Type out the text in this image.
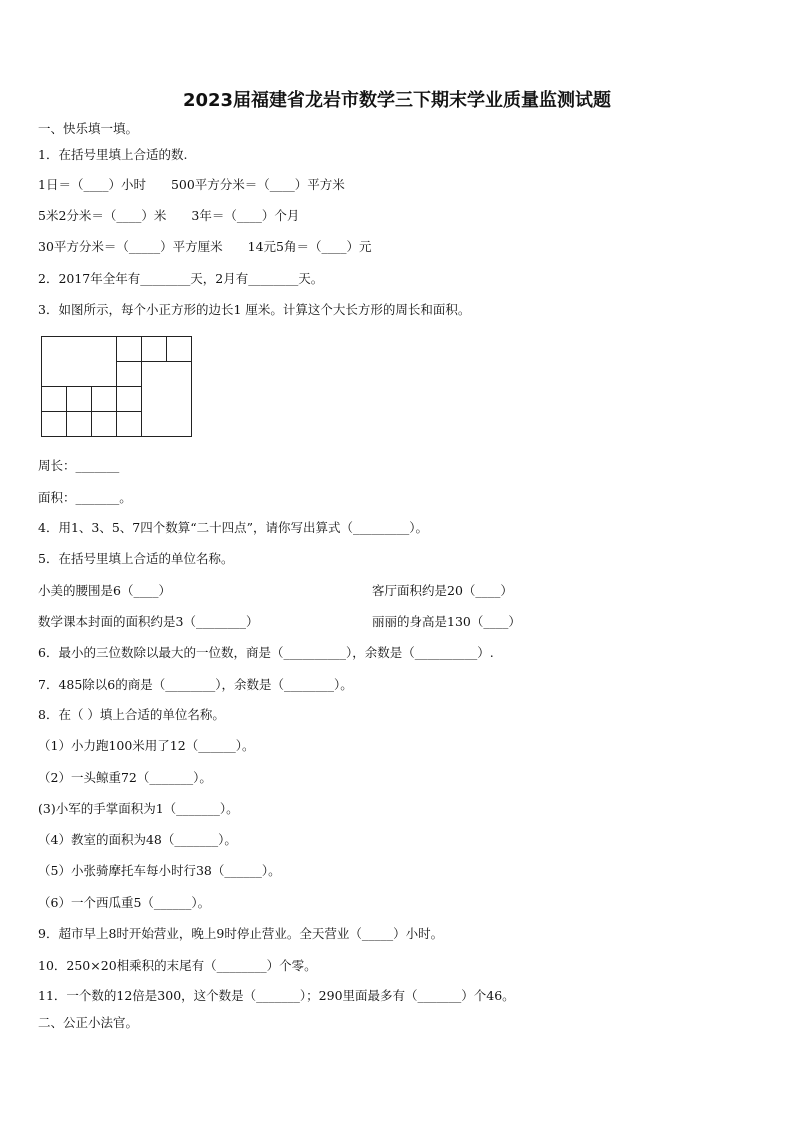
2023届福建省龙岩市数学三下期末学业质量监测试题
一、快乐填一填。
1．在括号里填上合适的数.
1日＝（____）小时　　500平方分米＝（____）平方米
5米2分米＝（____）米　　3年＝（____）个月
30平方分米＝（_____）平方厘米　　14元5角＝（____）元
2．2017年全年有________天，2月有________天。
3．如图所示，每个小正方形的边长1 厘米。计算这个大长方形的周长和面积。
周长：_______
面积：_______。
4．用1、3、5、7四个数算“二十四点”，请你写出算式（_________）。
5．在括号里填上合适的单位名称。
小美的腰围是6（____）	客厅面积约是20（____）
数学课本封面的面积约是3（________）	丽丽的身高是130（____）
6．最小的三位数除以最大的一位数，商是（__________），余数是（__________）.
7．485除以6的商是（________），余数是（________）。
8．在（ ）填上合适的单位名称。
（1）小力跑100米用了12（______）。
（2）一头鲸重72（_______）。
(3)小军的手掌面积为1（_______）。
（4）教室的面积为48（_______）。
（5）小张骑摩托车每小时行38（______）。
（6）一个西瓜重5（______）。
9．超市早上8时开始营业，晚上9时停止营业。全天营业（_____）小时。
10．250×20相乘积的末尾有（________）个零。
11．一个数的12倍是300，这个数是（_______）；290里面最多有（_______）个46。
二、公正小法官。
